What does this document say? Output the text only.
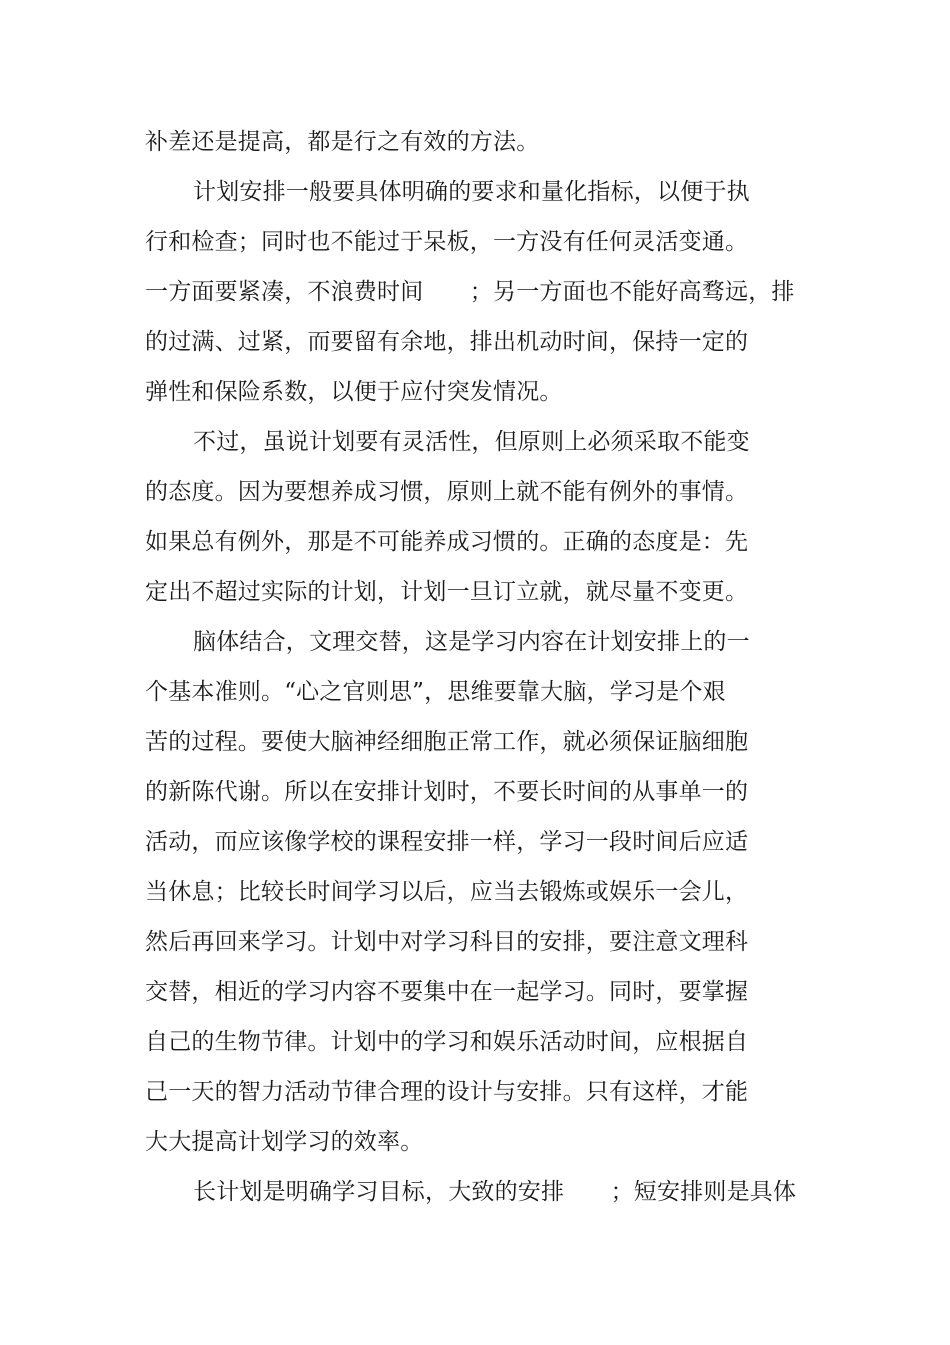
补差还是提高，都是行之有效的方法。
计划安排一般要具体明确的要求和量化指标，以便于执
行和检查；同时也不能过于呆板，一方没有任何灵活变通。
一方面要紧凑，不浪费时间　　；另一方面也不能好高骛远，排
的过满、过紧，而要留有余地，排出机动时间，保持一定的
弹性和保险系数，以便于应付突发情况。
不过，虽说计划要有灵活性，但原则上必须采取不能变
的态度。因为要想养成习惯，原则上就不能有例外的事情。
如果总有例外，那是不可能养成习惯的。正确的态度是：先
定出不超过实际的计划，计划一旦订立就，就尽量不变更。
脑体结合，文理交替，这是学习内容在计划安排上的一
个基本准则。“心之官则思”，思维要靠大脑，学习是个艰
苦的过程。要使大脑神经细胞正常工作，就必须保证脑细胞
的新陈代谢。所以在安排计划时，不要长时间的从事单一的
活动，而应该像学校的课程安排一样，学习一段时间后应适
当休息；比较长时间学习以后，应当去锻炼或娱乐一会儿，
然后再回来学习。计划中对学习科目的安排，要注意文理科
交替，相近的学习内容不要集中在一起学习。同时，要掌握
自己的生物节律。计划中的学习和娱乐活动时间，应根据自
己一天的智力活动节律合理的设计与安排。只有这样，才能
大大提高计划学习的效率。
长计划是明确学习目标，大致的安排　　；短安排则是具体
